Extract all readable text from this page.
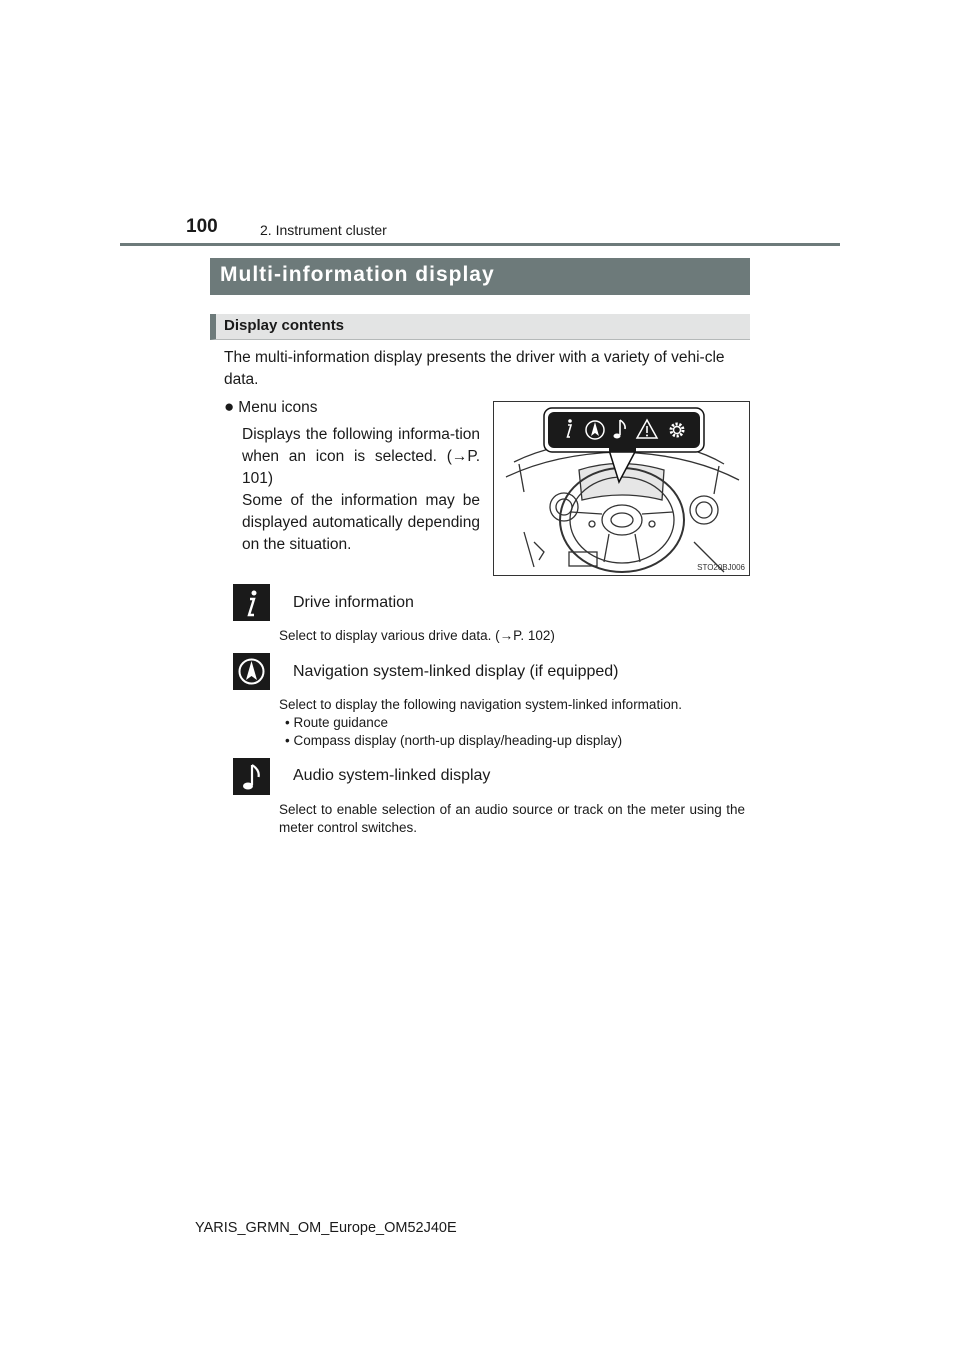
100	2. Instrument cluster
Multi-information display
Display contents
The multi-information display presents the driver with a variety of vehi-cle data.
● Menu icons
Displays the following informa-tion when an icon is selected. (→P. 101)
Some of the information may be displayed automatically depending on the situation.
STO20BJ006
Drive information
Select to display various drive data. (→P. 102)
Navigation system-linked display (if equipped)
Select to display the following navigation system-linked information.
• Route guidance
• Compass display (north-up display/heading-up display)
Audio system-linked display
Select to enable selection of an audio source or track on the meter using the meter control switches.
YARIS_GRMN_OM_Europe_OM52J40E
